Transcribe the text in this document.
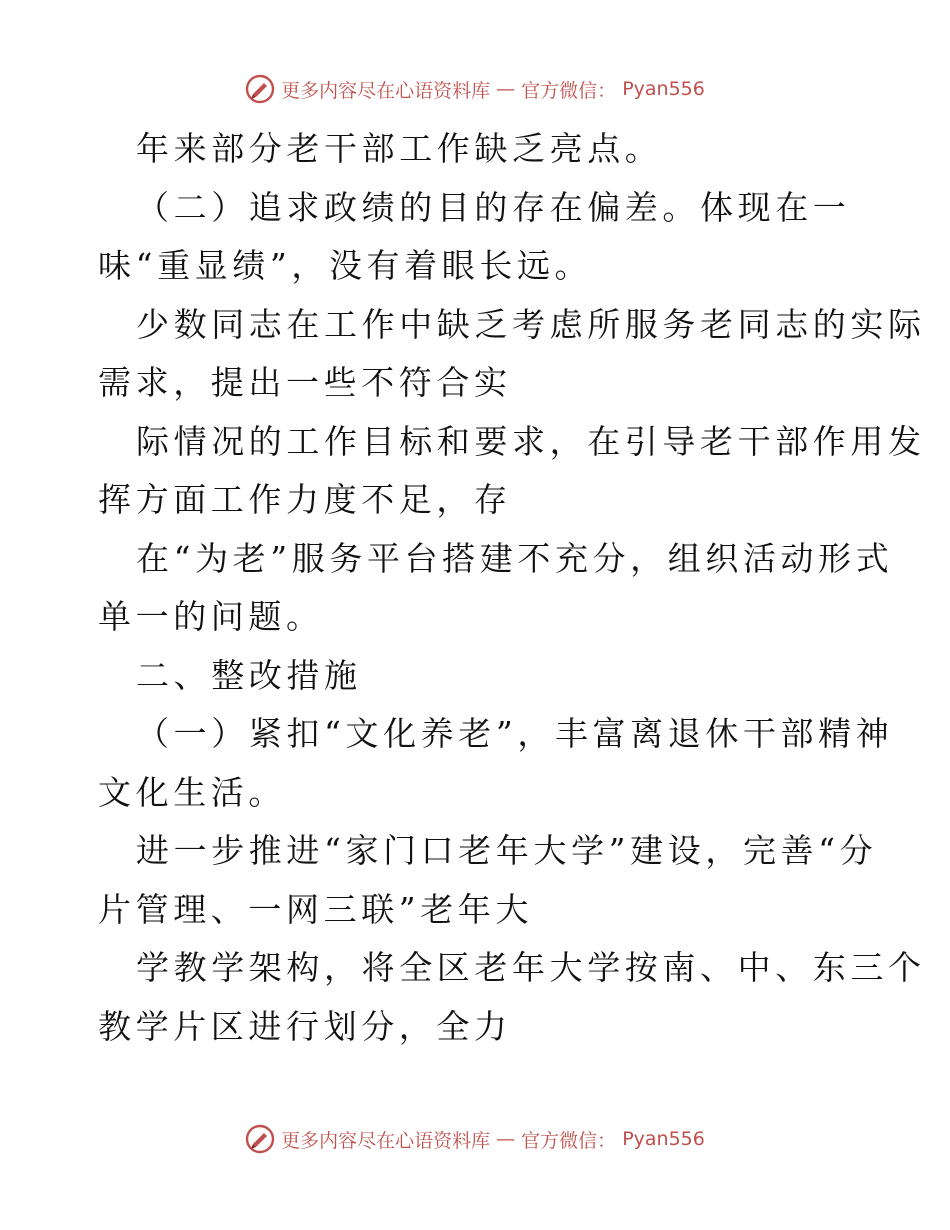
更多内容尽在心语资料库 — 官方微信： Pyan556

年来部分老干部工作缺乏亮点。

（二）追求政绩的目的存在偏差。体现在一

味“重显绩”，没有着眼长远。

少数同志在工作中缺乏考虑所服务老同志的实际

需求，提出一些不符合实

际情况的工作目标和要求，在引导老干部作用发

挥方面工作力度不足，存

在“为老”服务平台搭建不充分，组织活动形式

单一的问题。

二、整改措施

（一）紧扣“文化养老”，丰富离退休干部精神

文化生活。

进一步推进“家门口老年大学”建设，完善“分

片管理、一网三联”老年大

学教学架构，将全区老年大学按南、中、东三个

教学片区进行划分，全力

更多内容尽在心语资料库 — 官方微信： Pyan556
